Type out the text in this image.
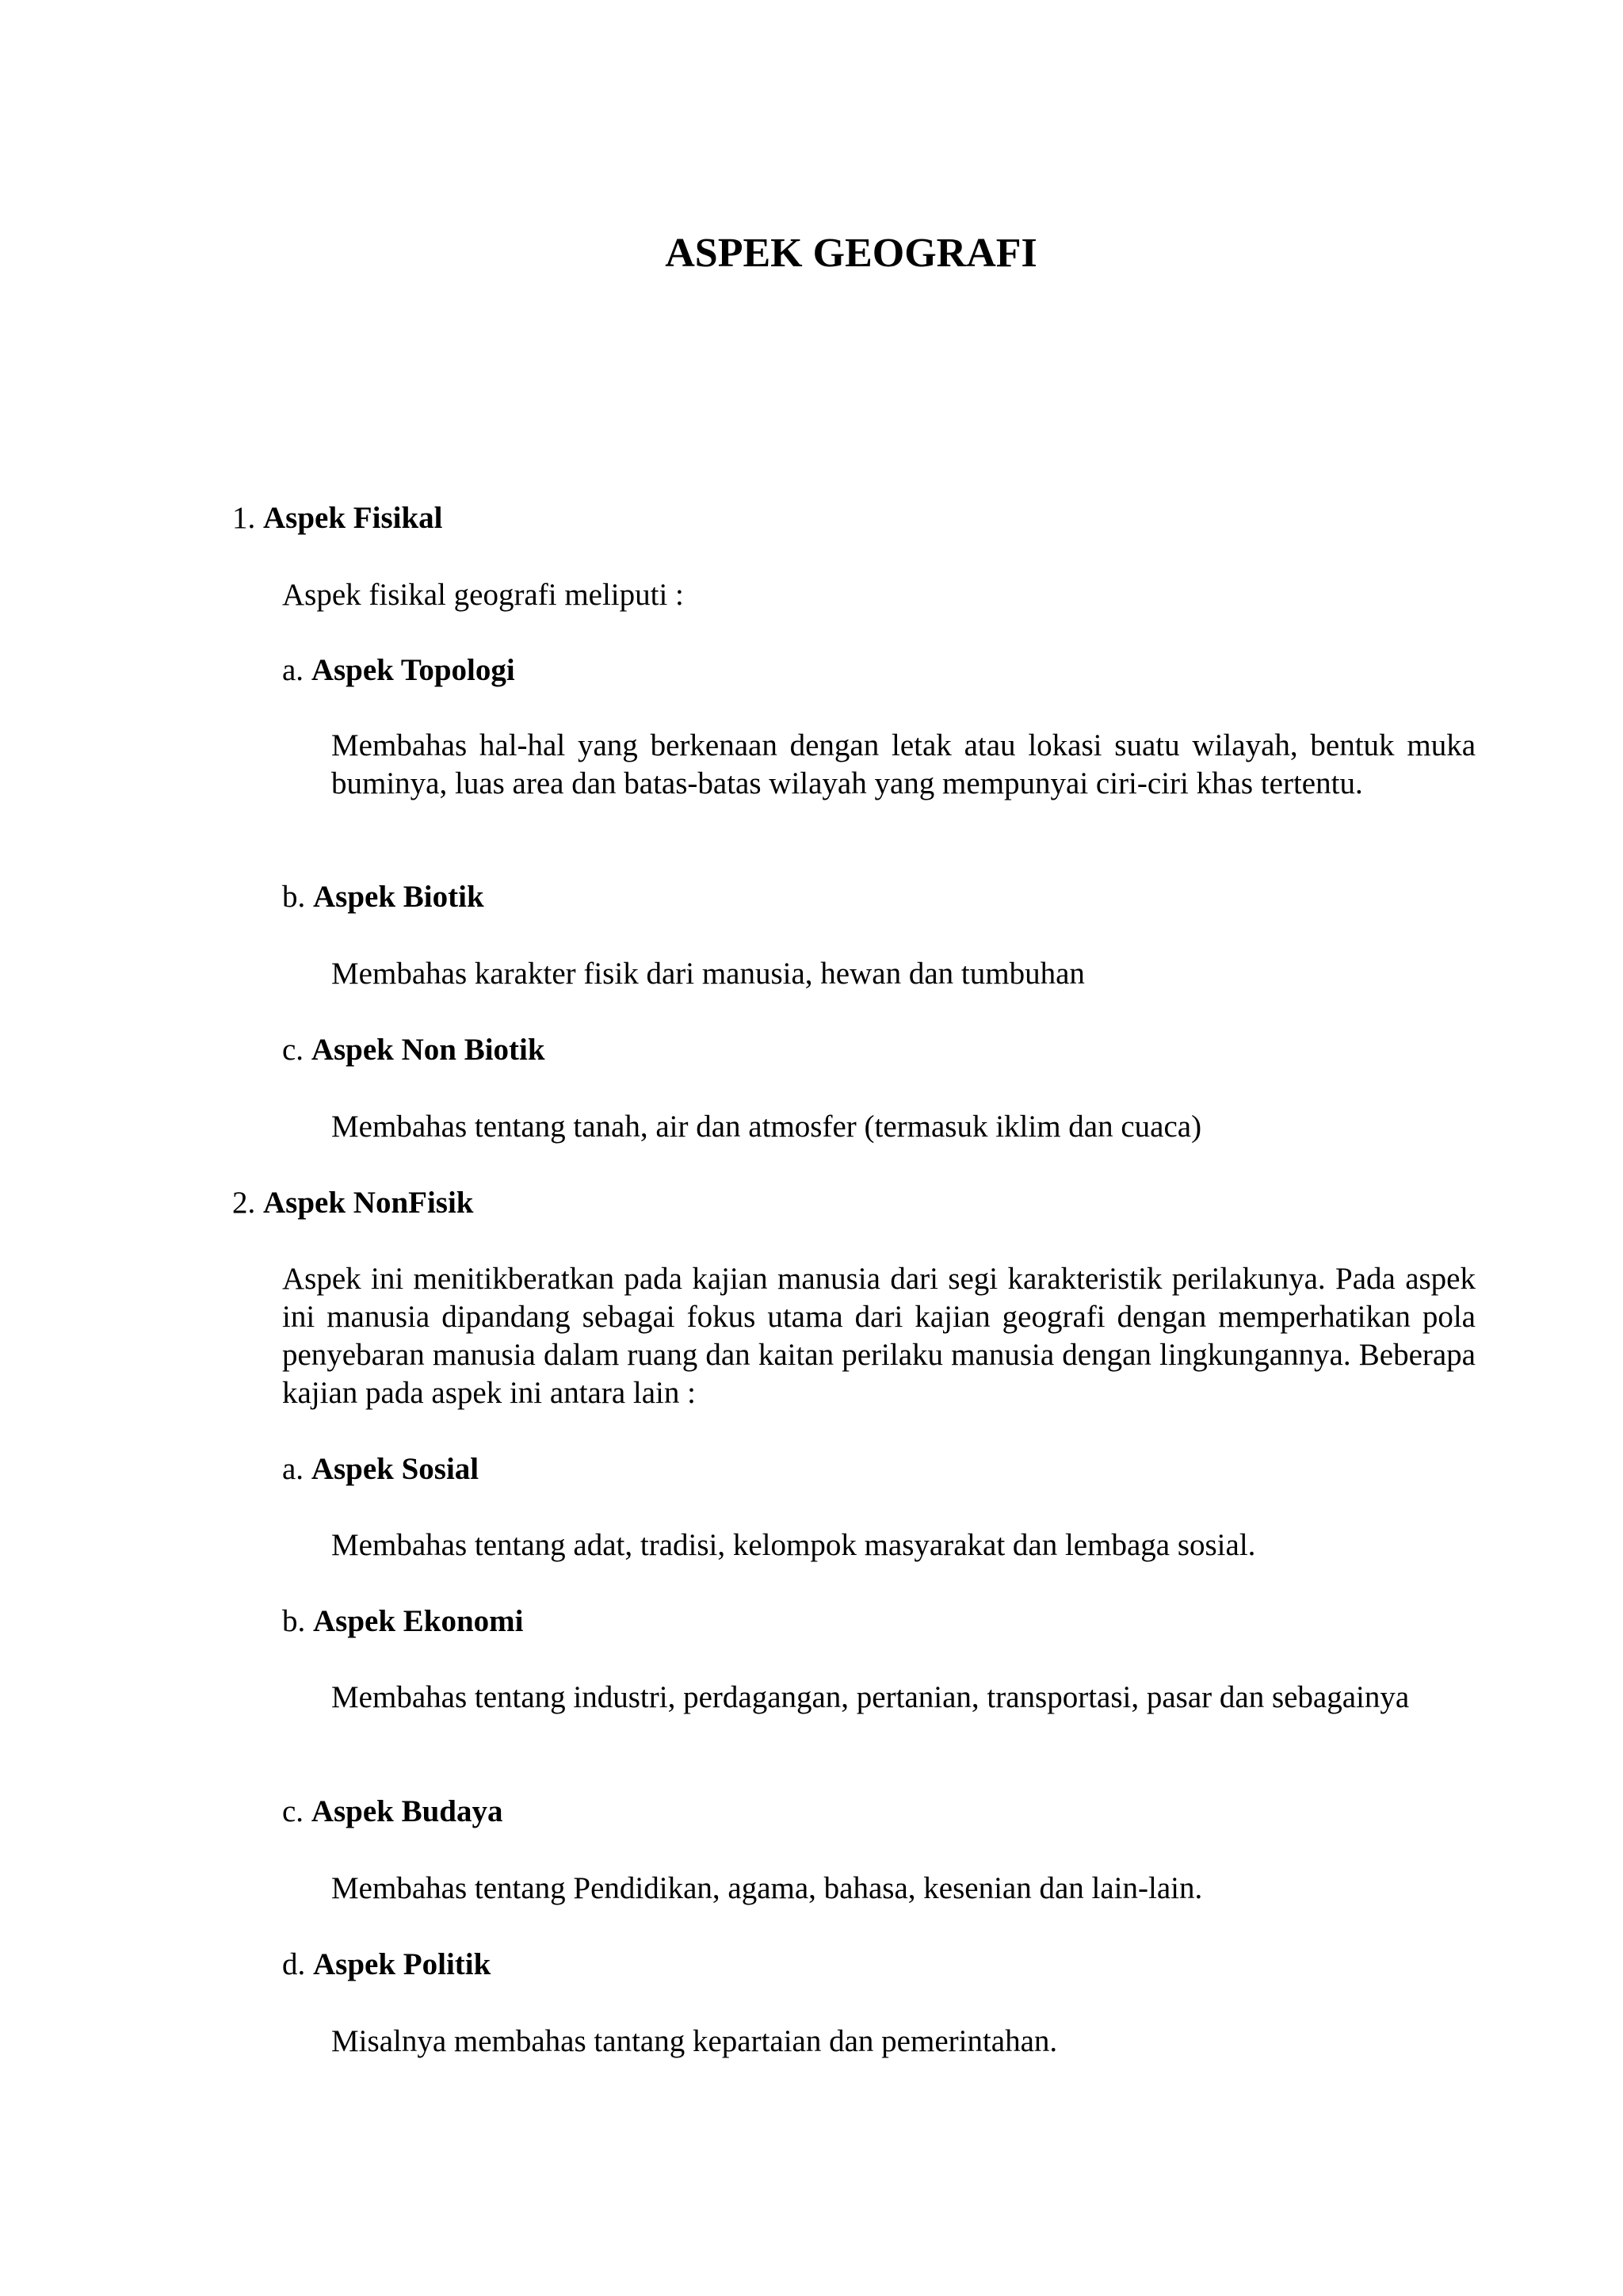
ASPEK GEOGRAFI

1. Aspek Fisikal

Aspek fisikal geografi meliputi :

a. Aspek Topologi

Membahas hal-hal yang berkenaan dengan letak atau lokasi suatu wilayah, bentuk muka buminya, luas area dan batas-batas wilayah yang mempunyai ciri-ciri khas tertentu.

b. Aspek Biotik

Membahas karakter fisik dari manusia, hewan dan tumbuhan

c. Aspek Non Biotik

Membahas tentang tanah, air dan atmosfer (termasuk iklim dan cuaca)

2. Aspek NonFisik

Aspek ini menitikberatkan pada kajian manusia dari segi karakteristik perilakunya. Pada aspek ini manusia dipandang sebagai fokus utama dari kajian geografi dengan memperhatikan pola penyebaran manusia dalam ruang dan kaitan perilaku manusia dengan lingkungannya. Beberapa kajian pada aspek ini antara lain :

a. Aspek Sosial

Membahas tentang adat, tradisi, kelompok masyarakat dan lembaga sosial.

b. Aspek Ekonomi

Membahas tentang industri, perdagangan, pertanian, transportasi, pasar dan sebagainya

c. Aspek Budaya

Membahas tentang Pendidikan, agama, bahasa, kesenian dan lain-lain.

d. Aspek Politik

Misalnya membahas tantang kepartaian dan pemerintahan.
